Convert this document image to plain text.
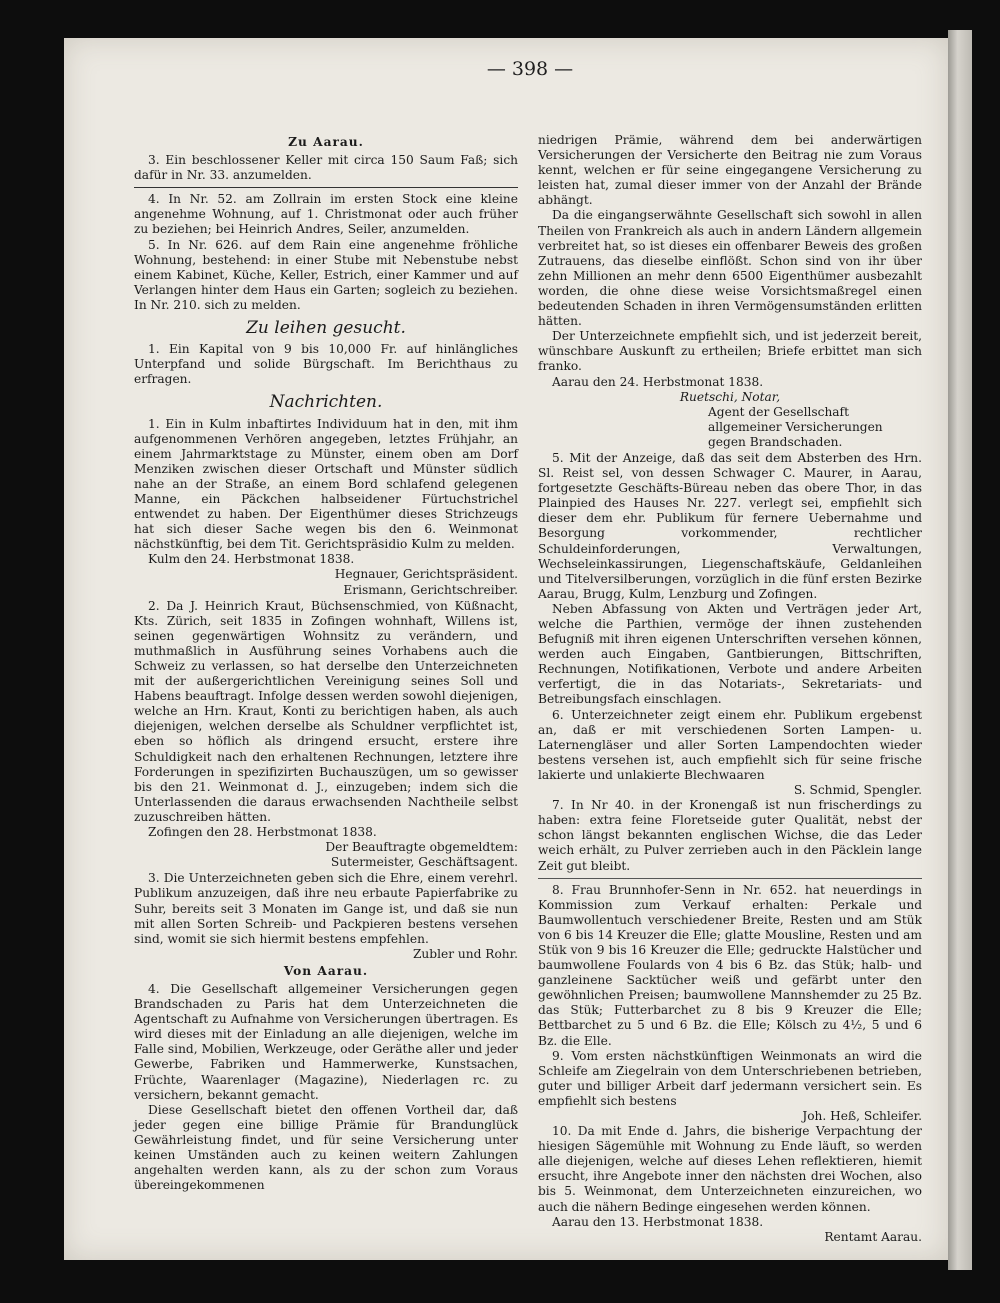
— 398 —

Zu Aarau.

3. Ein beschlossener Keller mit circa 150 Saum Faß; sich dafür in Nr. 33. anzumelden.

4. In Nr. 52. am Zollrain im ersten Stock eine kleine angenehme Wohnung, auf 1. Christmonat oder auch früher zu beziehen; bei Heinrich Andres, Seiler, anzumelden.

5. In Nr. 626. auf dem Rain eine angenehme fröhliche Wohnung, bestehend: in einer Stube mit Nebenstube nebst einem Kabinet, Küche, Keller, Estrich, einer Kammer und auf Verlangen hinter dem Haus ein Garten; sogleich zu beziehen. In Nr. 210. sich zu melden.

Zu leihen gesucht.

1. Ein Kapital von 9 bis 10,000 Fr. auf hinlängliches Unterpfand und solide Bürgschaft. Im Berichthaus zu erfragen.

Nachrichten.

1. Ein in Kulm inbaftirtes Individuum hat in den, mit ihm aufgenommenen Verhören angegeben, letztes Frühjahr, an einem Jahrmarktstage zu Münster, einem oben am Dorf Menziken zwischen dieser Ortschaft und Münster südlich nahe an der Straße, an einem Bord schlafend gelegenen Manne, ein Päckchen halbseidener Fürtuchstrichel entwendet zu haben. Der Eigenthümer dieses Strichzeugs hat sich dieser Sache wegen bis den 6. Weinmonat nächstkünftig, bei dem Tit. Gerichtspräsidio Kulm zu melden.

Kulm den 24. Herbstmonat 1838.

Hegnauer, Gerichtspräsident.

Erismann, Gerichtschreiber.

2. Da J. Heinrich Kraut, Büchsenschmied, von Küßnacht, Kts. Zürich, seit 1835 in Zofingen wohnhaft, Willens ist, seinen gegenwärtigen Wohnsitz zu verändern, und muthmaßlich in Ausführung seines Vorhabens auch die Schweiz zu verlassen, so hat derselbe den Unterzeichneten mit der außergerichtlichen Vereinigung seines Soll und Habens beauftragt. Infolge dessen werden sowohl diejenigen, welche an Hrn. Kraut, Konti zu berichtigen haben, als auch diejenigen, welchen derselbe als Schuldner verpflichtet ist, eben so höflich als dringend ersucht, erstere ihre Schuldigkeit nach den erhaltenen Rechnungen, letztere ihre Forderungen in spezifizirten Buchauszügen, um so gewisser bis den 21. Weinmonat d. J., einzugeben; indem sich die Unterlassenden die daraus erwachsenden Nachtheile selbst zuzuschreiben hätten.

Zofingen den 28. Herbstmonat 1838.

Der Beauftragte obgemeldtem:

Sutermeister, Geschäftsagent.

3. Die Unterzeichneten geben sich die Ehre, einem verehrl. Publikum anzuzeigen, daß ihre neu erbaute Papierfabrike zu Suhr, bereits seit 3 Monaten im Gange ist, und daß sie nun mit allen Sorten Schreib- und Packpieren bestens versehen sind, womit sie sich hiermit bestens empfehlen.

Zubler und Rohr.

Von Aarau.

4. Die Gesellschaft allgemeiner Versicherungen gegen Brandschaden zu Paris hat dem Unterzeichneten die Agentschaft zu Aufnahme von Versicherungen übertragen. Es wird dieses mit der Einladung an alle diejenigen, welche im Falle sind, Mobilien, Werkzeuge, oder Geräthe aller und jeder Gewerbe, Fabriken und Hammerwerke, Kunstsachen, Früchte, Waarenlager (Magazine), Niederlagen rc. zu versichern, bekannt gemacht.

Diese Gesellschaft bietet den offenen Vortheil dar, daß jeder gegen eine billige Prämie für Brandunglück Gewährleistung findet, und für seine Versicherung unter keinen Umständen auch zu keinen weitern Zahlungen angehalten werden kann, als zu der schon zum Voraus übereingekommenen

niedrigen Prämie, während dem bei anderwärtigen Versicherungen der Versicherte den Beitrag nie zum Voraus kennt, welchen er für seine eingegangene Versicherung zu leisten hat, zumal dieser immer von der Anzahl der Brände abhängt.

Da die eingangserwähnte Gesellschaft sich sowohl in allen Theilen von Frankreich als auch in andern Ländern allgemein verbreitet hat, so ist dieses ein offenbarer Beweis des großen Zutrauens, das dieselbe einflößt. Schon sind von ihr über zehn Millionen an mehr denn 6500 Eigenthümer ausbezahlt worden, die ohne diese weise Vorsichtsmaßregel einen bedeutenden Schaden in ihren Vermögensumständen erlitten hätten.

Der Unterzeichnete empfiehlt sich, und ist jederzeit bereit, wünschbare Auskunft zu ertheilen; Briefe erbittet man sich franko.

Aarau den 24. Herbstmonat 1838.

Ruetschi, Notar,

Agent der Gesellschaft allgemeiner Versicherungen gegen Brandschaden.

5. Mit der Anzeige, daß das seit dem Absterben des Hrn. Sl. Reist sel, von dessen Schwager C. Maurer, in Aarau, fortgesetzte Geschäfts-Büreau neben das obere Thor, in das Plainpied des Hauses Nr. 227. verlegt sei, empfiehlt sich dieser dem ehr. Publikum für fernere Uebernahme und Besorgung vorkommender, rechtlicher Schuldeinforderungen, Verwaltungen, Wechseleinkassirungen, Liegenschaftskäufe, Geldanleihen und Titelversilberungen, vorzüglich in die fünf ersten Bezirke Aarau, Brugg, Kulm, Lenzburg und Zofingen.

Neben Abfassung von Akten und Verträgen jeder Art, welche die Parthien, vermöge der ihnen zustehenden Befugniß mit ihren eigenen Unterschriften versehen können, werden auch Eingaben, Gantbierungen, Bittschriften, Rechnungen, Notifikationen, Verbote und andere Arbeiten verfertigt, die in das Notariats-, Sekretariats- und Betreibungsfach einschlagen.

6. Unterzeichneter zeigt einem ehr. Publikum ergebenst an, daß er mit verschiedenen Sorten Lampen- u. Laternengläser und aller Sorten Lampendochten wieder bestens versehen ist, auch empfiehlt sich für seine frische lakierte und unlakierte Blechwaaren

S. Schmid, Spengler.

7. In Nr 40. in der Kronengaß ist nun frischerdings zu haben: extra feine Floretseide guter Qualität, nebst der schon längst bekannten englischen Wichse, die das Leder weich erhält, zu Pulver zerrieben auch in den Päcklein lange Zeit gut bleibt.

8. Frau Brunnhofer-Senn in Nr. 652. hat neuerdings in Kommission zum Verkauf erhalten: Perkale und Baumwollentuch verschiedener Breite, Resten und am Stük von 6 bis 14 Kreuzer die Elle; glatte Mousline, Resten und am Stük von 9 bis 16 Kreuzer die Elle; gedruckte Halstücher und baumwollene Foulards von 4 bis 6 Bz. das Stük; halb- und ganzleinene Sacktücher weiß und gefärbt unter den gewöhnlichen Preisen; baumwollene Mannshemder zu 25 Bz. das Stük; Futterbarchet zu 8 bis 9 Kreuzer die Elle; Bettbarchet zu 5 und 6 Bz. die Elle; Kölsch zu 4½, 5 und 6 Bz. die Elle.

9. Vom ersten nächstkünftigen Weinmonats an wird die Schleife am Ziegelrain von dem Unterschriebenen betrieben, guter und billiger Arbeit darf jedermann versichert sein. Es empfiehlt sich bestens

Joh. Heß, Schleifer.

10. Da mit Ende d. Jahrs, die bisherige Verpachtung der hiesigen Sägemühle mit Wohnung zu Ende läuft, so werden alle diejenigen, welche auf dieses Lehen reflektieren, hiemit ersucht, ihre Angebote inner den nächsten drei Wochen, also bis 5. Weinmonat, dem Unterzeichneten einzureichen, wo auch die nähern Bedinge eingesehen werden können.

Aarau den 13. Herbstmonat 1838.

Rentamt Aarau.
